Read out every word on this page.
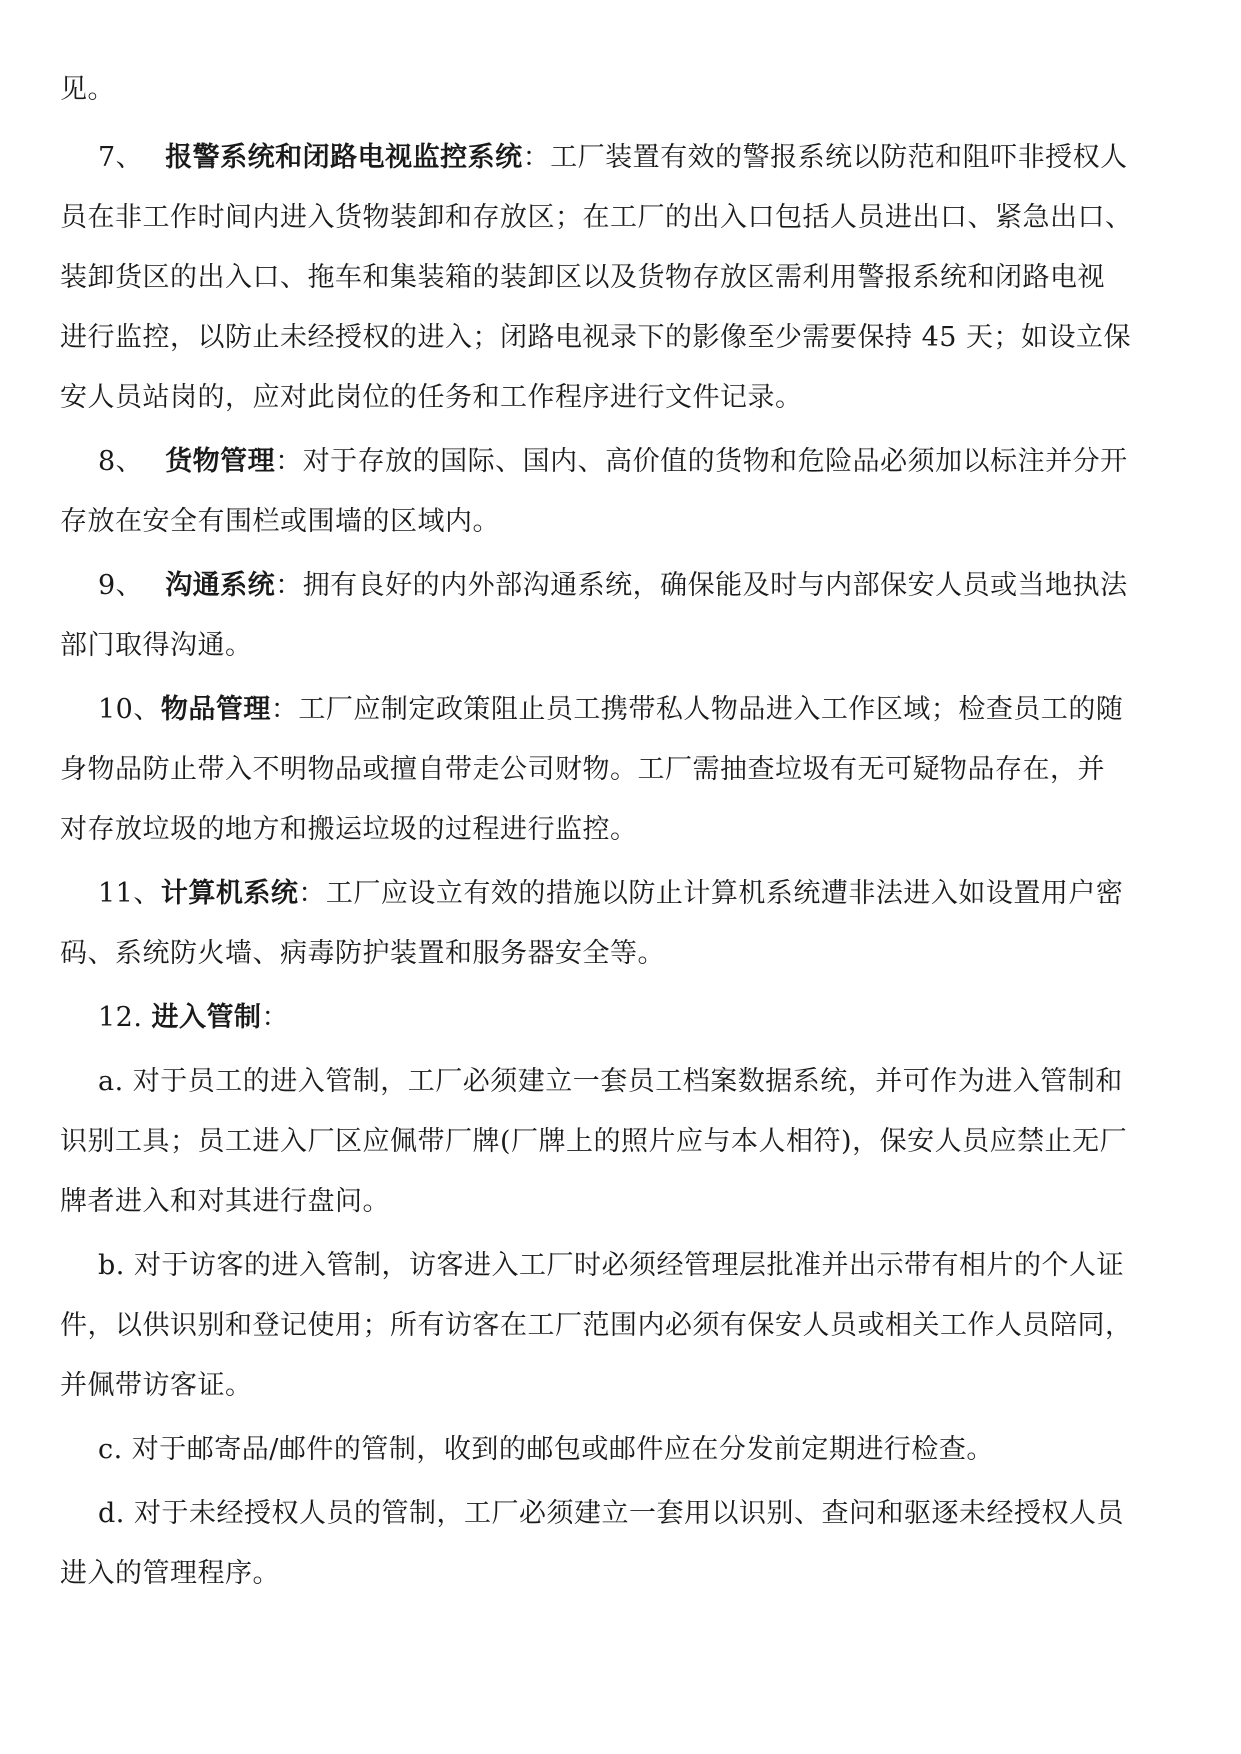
见。
7、 报警系统和闭路电视监控系统：工厂装置有效的警报系统以防范和阻吓非授权人
员在非工作时间内进入货物装卸和存放区；在工厂的出入口包括人员进出口、紧急出口、
装卸货区的出入口、拖车和集装箱的装卸区以及货物存放区需利用警报系统和闭路电视
进行监控，以防止未经授权的进入；闭路电视录下的影像至少需要保持 45 天；如设立保
安人员站岗的，应对此岗位的任务和工作程序进行文件记录。
8、 货物管理：对于存放的国际、国内、高价值的货物和危险品必须加以标注并分开
存放在安全有围栏或围墙的区域内。
9、 沟通系统：拥有良好的内外部沟通系统，确保能及时与内部保安人员或当地执法
部门取得沟通。
10、物品管理：工厂应制定政策阻止员工携带私人物品进入工作区域；检查员工的随
身物品防止带入不明物品或擅自带走公司财物。工厂需抽查垃圾有无可疑物品存在，并
对存放垃圾的地方和搬运垃圾的过程进行监控。
11、计算机系统：工厂应设立有效的措施以防止计算机系统遭非法进入如设置用户密
码、系统防火墙、病毒防护装置和服务器安全等。
12. 进入管制：
a. 对于员工的进入管制，工厂必须建立一套员工档案数据系统，并可作为进入管制和
识别工具；员工进入厂区应佩带厂牌(厂牌上的照片应与本人相符)，保安人员应禁止无厂
牌者进入和对其进行盘问。
b. 对于访客的进入管制，访客进入工厂时必须经管理层批准并出示带有相片的个人证
件，以供识别和登记使用；所有访客在工厂范围内必须有保安人员或相关工作人员陪同，
并佩带访客证。
c. 对于邮寄品/邮件的管制，收到的邮包或邮件应在分发前定期进行检查。
d. 对于未经授权人员的管制，工厂必须建立一套用以识别、查问和驱逐未经授权人员
进入的管理程序。
